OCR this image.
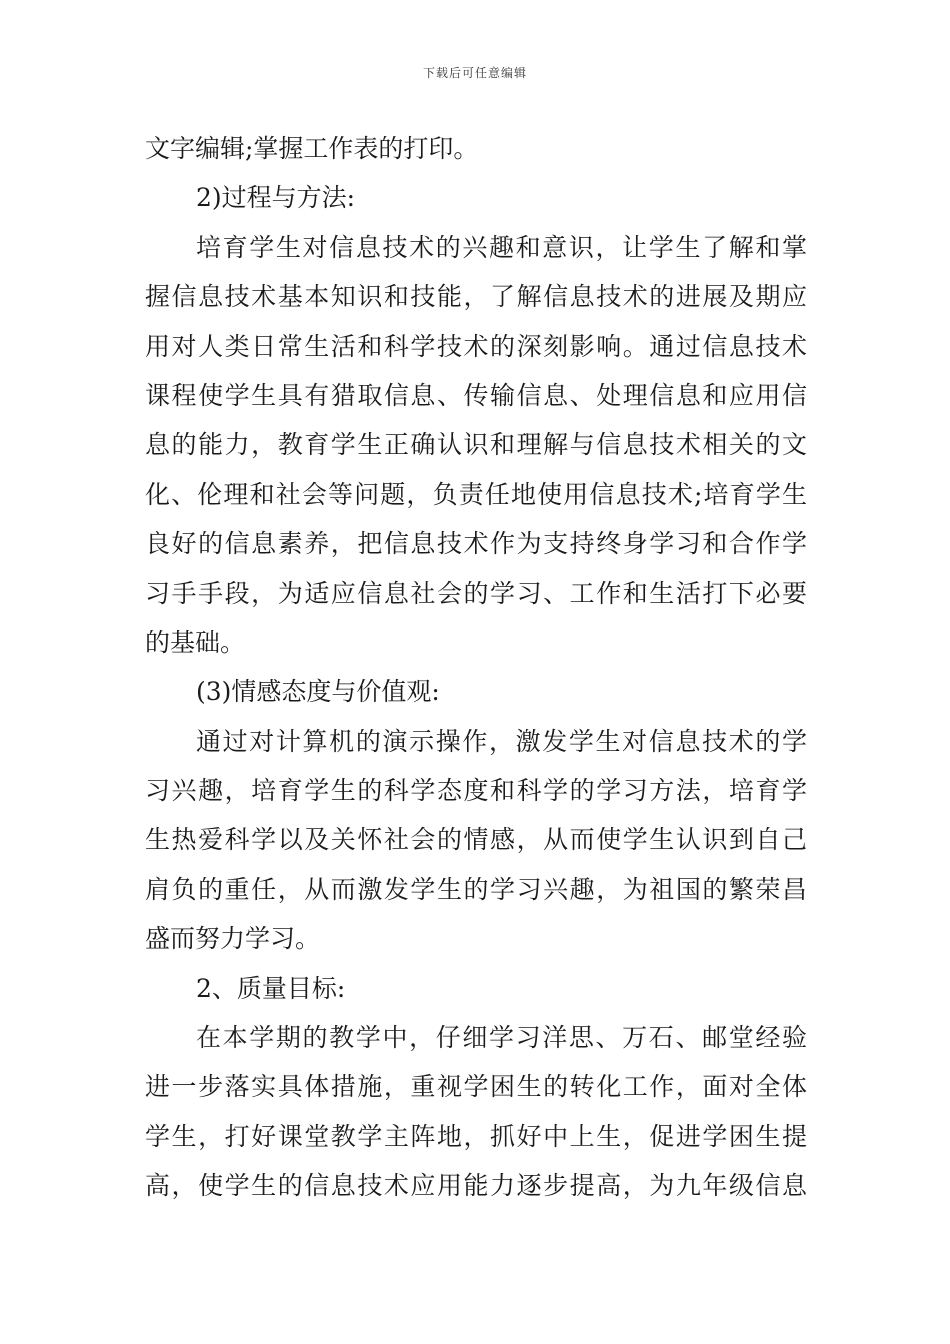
下载后可任意编辑
文字编辑;掌握工作表的打印。
2)过程与方法:
培育学生对信息技术的兴趣和意识，让学生了解和掌
握信息技术基本知识和技能，了解信息技术的进展及期应
用对人类日常生活和科学技术的深刻影响。通过信息技术
课程使学生具有猎取信息、传输信息、处理信息和应用信
息的能力，教育学生正确认识和理解与信息技术相关的文
化、伦理和社会等问题，负责任地使用信息技术;培育学生
良好的信息素养，把信息技术作为支持终身学习和合作学
习手手段，为适应信息社会的学习、工作和生活打下必要
的基础。
(3)情感态度与价值观:
通过对计算机的演示操作，激发学生对信息技术的学
习兴趣，培育学生的科学态度和科学的学习方法，培育学
生热爱科学以及关怀社会的情感，从而使学生认识到自己
肩负的重任，从而激发学生的学习兴趣，为祖国的繁荣昌
盛而努力学习。
2、质量目标:
在本学期的教学中，仔细学习洋思、万石、邮堂经验
进一步落实具体措施，重视学困生的转化工作，面对全体
学生，打好课堂教学主阵地，抓好中上生，促进学困生提
高，使学生的信息技术应用能力逐步提高，为九年级信息
